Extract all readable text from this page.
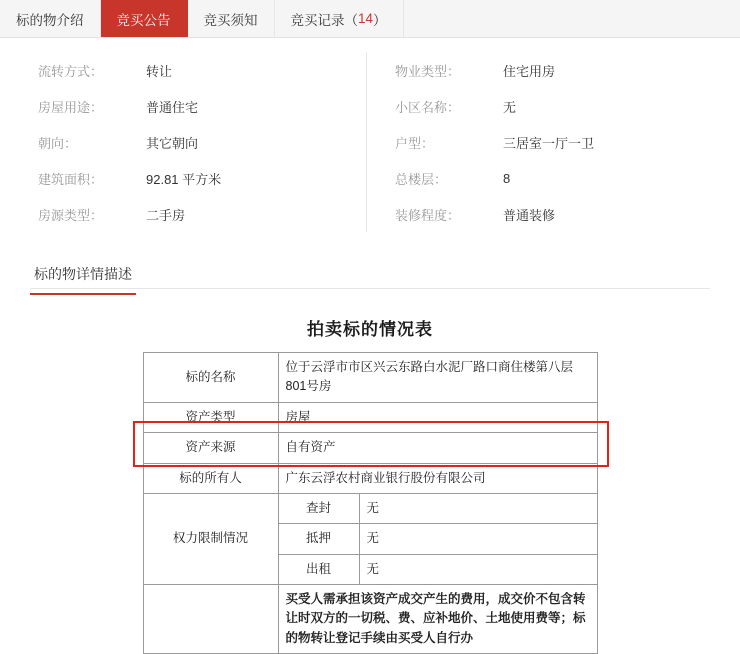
标的物介绍 竞买公告 竞买须知 竞买记录（ 14 ）
流转方式：	转让		物业类型：	住宅用房
房屋用途：	普通住宅		小区名称：	无
朝向：	其它朝向		户型：	三居室一厅一卫
建筑面积：	92.81 平方米		总楼层：	8
房源类型：	二手房		装修程度：	普通装修
标的物详情描述
拍卖标的情况表
标的名称	位于云浮市市区兴云东路白水泥厂路口商住楼第八层801号房	
资产类型	房屋	
资产来源	自有资产	
标的所有人	广东云浮农村商业银行股份有限公司	
权力限制情况	查封	无
	抵押	无
	出租	无
	买受人需承担该资产成交产生的费用，成交价不包含转让时双方的一切税、费、应补地价、土地使用费等；标的物转让登记手续由买受人自行办	
